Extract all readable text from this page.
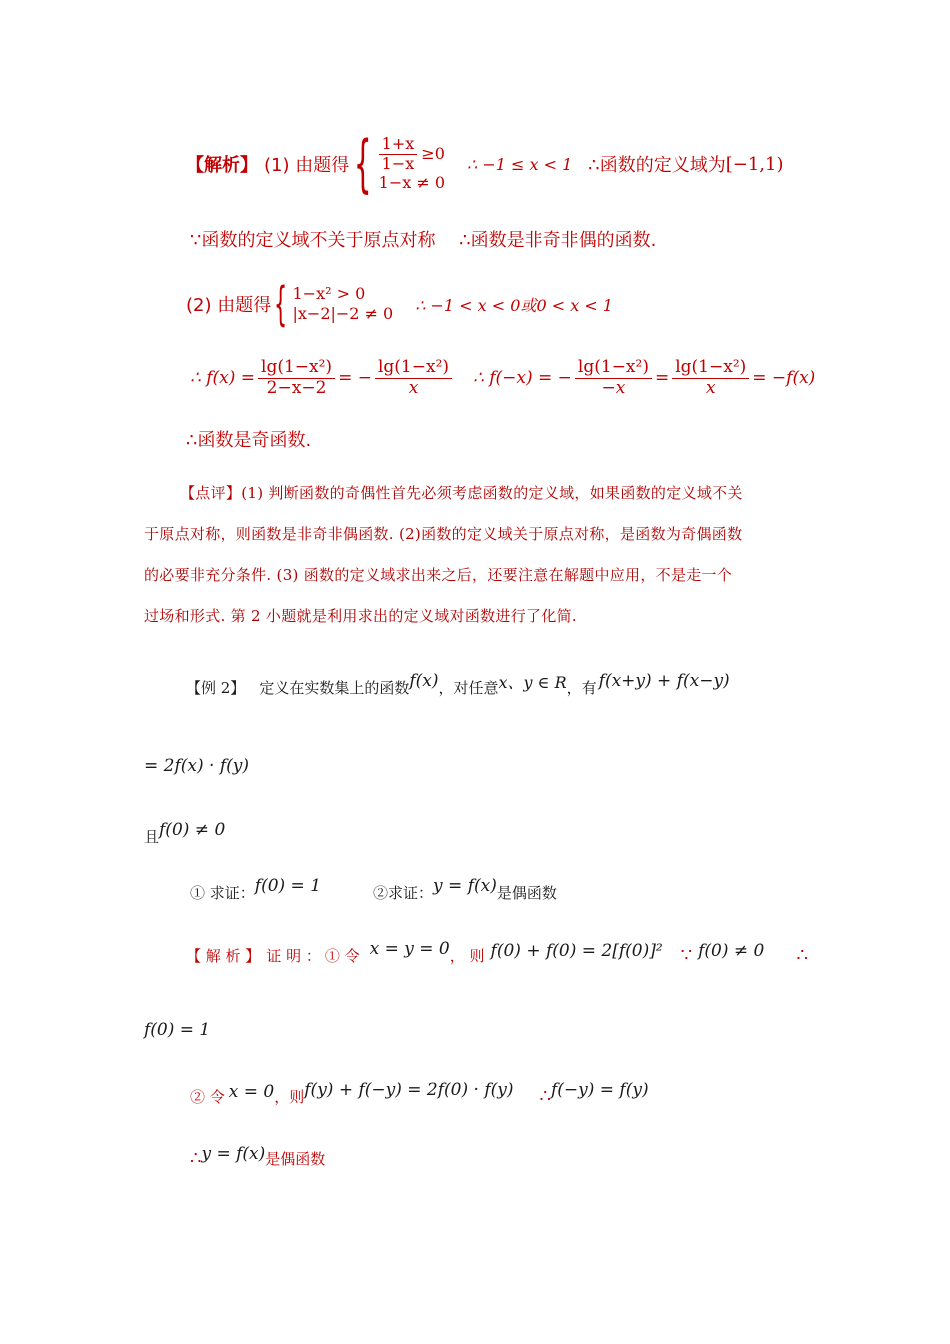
【解析】 (1) 由题得 { $\frac{1+x}{1-x} \ge 0$
1−x ≠ 0
∴ −1 ≤ x < 1 ∴函数的定义域为 [−1,1)
∵函数的定义域不关于原点对称 ∴函数是非奇非偶的函数.
(2) 由题得 { 1−x² > 0
|x−2|−2 ≠ 0 ∴ −1 < x < 0或0 < x < 1
∴ $f(x) = \frac{\text{lg(1−x²)}}{2-x-2}$ = − $\frac{\text{lg(1−x²)}}{x}$ ∴ f(−x) = − $\frac{\text{lg(1−x²)}}{-x} = \frac{\text{lg(1−x²)}}{x} = -f(x)$
∴函数是奇函数.
【点评】(1) 判断函数的奇偶性首先必须考虑函数的定义域，如果函数的定义域不关
于原点对称，则函数是非奇非偶函数. (2)函数的定义域关于原点对称，是函数为奇偶函数
的必要非充分条件. (3) 函数的定义域求出来之后，还要注意在解题中应用，不是走一个
过场和形式. 第 2 小题就是利用求出的定义域对函数进行了化简.
【例 2】 定义在实数集上的函数 f(x) ，对任意 x、y ∈ R ，有 f(x+y) + f(x−y)
= 2f(x) · f(y)
且 f(0) ≠ 0
① 求证： f(0) = 1	②求证： y = f(x) 是偶函数
【 解 析 】 证 明 ： ① 令 x = y = 0 ， 则 f(0) + f(0) = 2[f(0)]² ∵ f(0) ≠ 0 ∴
f(0) = 1
② 令 x = 0 ，则 f(y) + f(−y) = 2f(0) · f(y) ∴ f(−y) = f(y)
∴ y = f(x) 是偶函数
